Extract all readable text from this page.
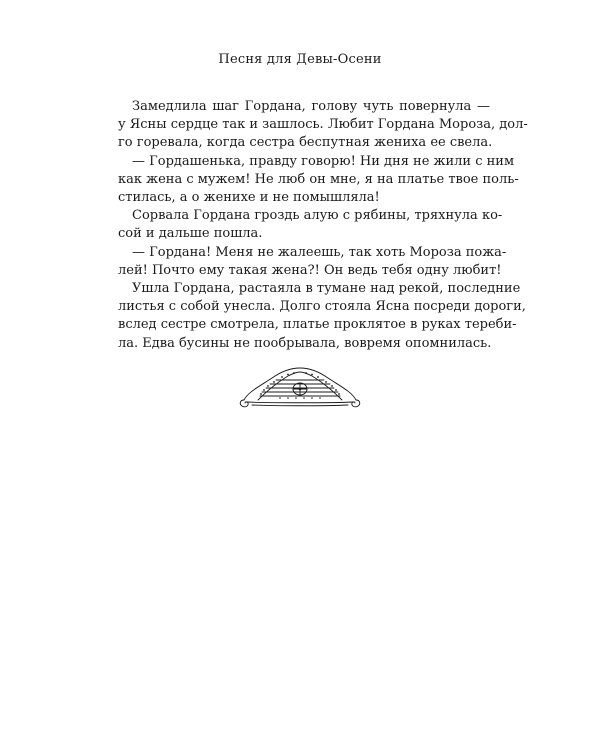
Песня для Девы-Осени
Замедлила шаг Гордана, голову чуть повернула —
у Ясны сердце так и зашлось. Любит Гордана Мороза, дол-
го горевала, когда сестра беспутная жениха ее свела.
— Гордашенька, правду говорю! Ни дня не жили с ним
как жена с мужем! Не люб он мне, я на платье твое поль-
стилась, а о женихе и не помышляла!
Сорвала Гордана гроздь алую с рябины, тряхнула ко-
сой и дальше пошла.
— Гордана! Меня не жалеешь, так хоть Мороза пожа-
лей! Почто ему такая жена?! Он ведь тебя одну любит!
Ушла Гордана, растаяла в тумане над рекой, последние
листья с собой унесла. Долго стояла Ясна посреди дороги,
вслед сестре смотрела, платье проклятое в руках тереби-
ла. Едва бусины не пообрывала, вовремя опомнилась.
